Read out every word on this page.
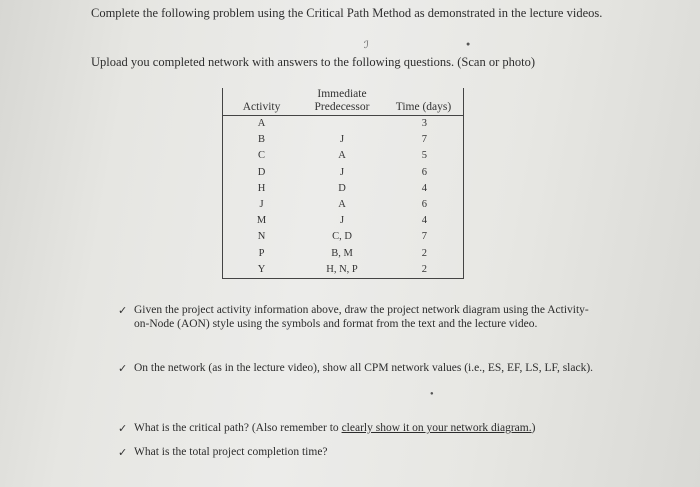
Complete the following problem using the Critical Path Method as demonstrated in the lecture videos.
ℐ	●
Upload you completed network with answers to the following questions. (Scan or photo)
Activity	Immediate Predecessor	Time (days)
A		3
B	J	7
C	A	5
D	J	6
H	D	4
J	A	6
M	J	4
N	C, D	7
P	B, M	2
Y	H, N, P	2
✓ Given the project activity information above, draw the project network diagram using the Activity-on-Node (AON) style using the symbols and format from the text and the lecture video.
✓ On the network (as in the lecture video), show all CPM network values (i.e., ES, EF, LS, LF, slack).
●
✓ What is the critical path? (Also remember to clearly show it on your network diagram.)
✓ What is the total project completion time?
